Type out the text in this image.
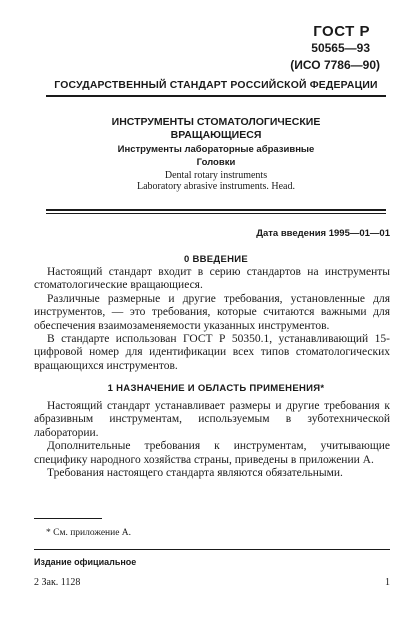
ГОСТ Р
50565—93
(ИСО 7786—90)
ГОСУДАРСТВЕННЫЙ СТАНДАРТ РОССИЙСКОЙ ФЕДЕРАЦИИ
ИНСТРУМЕНТЫ СТОМАТОЛОГИЧЕСКИЕ
ВРАЩАЮЩИЕСЯ
Инструменты лабораторные абразивные
Головки
Dental rotary instruments
Laboratory abrasive instruments. Head.
Дата введения 1995—01—01
0 ВВЕДЕНИЕ

Настоящий стандарт входит в серию стандартов на инструменты стоматологические вращающиеся.

Различные размерные и другие требования, установленные для инструментов, — это требования, которые считаются важными для обеспечения взаимозаменяемости указанных инструментов.

В стандарте использован ГОСТ Р 50350.1, устанавливающий 15-цифровой номер для идентификации всех типов стоматологических вращающихся инструментов.

1 НАЗНАЧЕНИЕ И ОБЛАСТЬ ПРИМЕНЕНИЯ*

Настоящий стандарт устанавливает размеры и другие требования к абразивным инструментам, используемым в зуботехнической лаборатории.

Дополнительные требования к инструментам, учитывающие специфику народного хозяйства страны, приведены в приложении А.

Требования настоящего стандарта являются обязательными.

* См. приложение А.
Издание официальное
2 Зак. 1128	1
